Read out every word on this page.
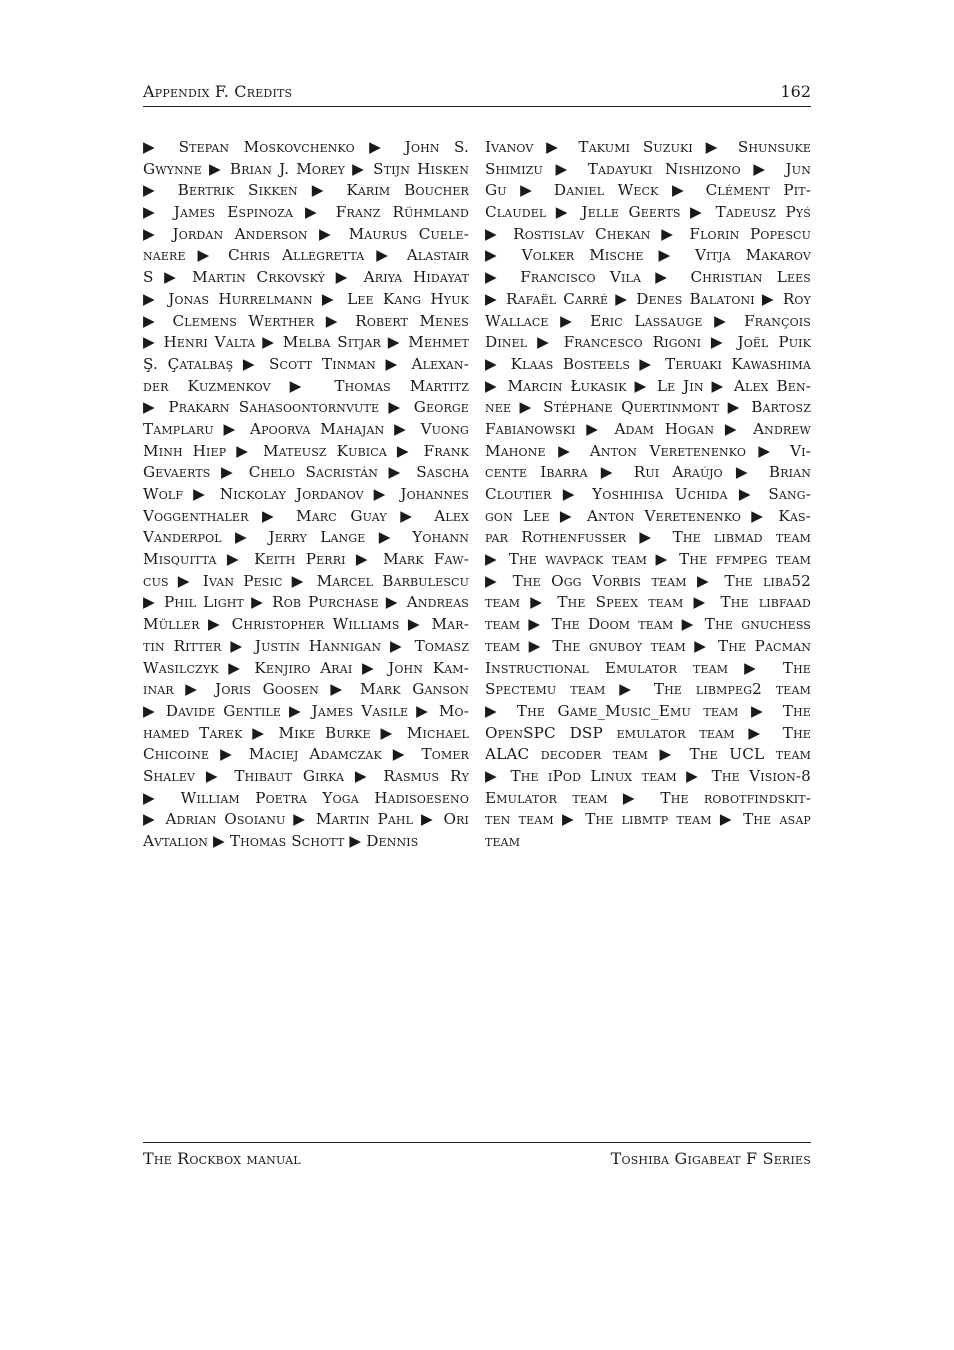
Appendix F. Credits	162
▶ Stepan Moskovchenko ▶ John S.
Gwynne ▶ Brian J. Morey ▶ Stijn Hisken
▶ Bertrik Sikken ▶ Karim Boucher
▶ James Espinoza ▶ Franz Rühmland
▶ Jordan Anderson ▶ Maurus Cuele-
naere ▶ Chris Allegretta ▶ Alastair
S ▶ Martin Crkovský ▶ Ariya Hidayat
▶ Jonas Hurrelmann ▶ Lee Kang Hyuk
▶ Clemens Werther ▶ Robert Menes
▶ Henri Valta ▶ Melba Sitjar ▶ Mehmet
Ş. Çatalbaş ▶ Scott Tinman ▶ Alexan-
der Kuzmenkov ▶ Thomas Martitz
▶ Prakarn Sahasoontornvute ▶ George
Tamplaru ▶ Apoorva Mahajan ▶ Vuong
Minh Hiep ▶ Mateusz Kubica ▶ Frank
Gevaerts ▶ Chelo Sacristán ▶ Sascha
Wolf ▶ Nickolay Jordanov ▶ Johannes
Voggenthaler ▶ Marc Guay ▶ Alex
Vanderpol ▶ Jerry Lange ▶ Yohann
Misquitta ▶ Keith Perri ▶ Mark Faw-
cus ▶ Ivan Pesic ▶ Marcel Barbulescu
▶ Phil Light ▶ Rob Purchase ▶ Andreas
Müller ▶ Christopher Williams ▶ Mar-
tin Ritter ▶ Justin Hannigan ▶ Tomasz
Wasilczyk ▶ Kenjiro Arai ▶ John Kam-
inar ▶ Joris Goosen ▶ Mark Ganson
▶ Davide Gentile ▶ James Vasile ▶ Mo-
hamed Tarek ▶ Mike Burke ▶ Michael
Chicoine ▶ Maciej Adamczak ▶ Tomer
Shalev ▶ Thibaut Girka ▶ Rasmus Ry
▶ William Poetra Yoga Hadisoeseno
▶ Adrian Osoianu ▶ Martin Pahl ▶ Ori
Avtalion ▶ Thomas Schott ▶ Dennis
Ivanov ▶ Takumi Suzuki ▶ Shunsuke
Shimizu ▶ Tadayuki Nishizono ▶ Jun
Gu ▶ Daniel Weck ▶ Clément Pit-
Claudel ▶ Jelle Geerts ▶ Tadeusz Pyś
▶ Rostislav Chekan ▶ Florin Popescu
▶ Volker Mische ▶ Vitja Makarov
▶ Francisco Vila ▶ Christian Lees
▶ Rafaël Carré ▶ Denes Balatoni ▶ Roy
Wallace ▶ Eric Lassauge ▶ François
Dinel ▶ Francesco Rigoni ▶ Joël Puik
▶ Klaas Bosteels ▶ Teruaki Kawashima
▶ Marcin Łukasik ▶ Le Jin ▶ Alex Ben-
nee ▶ Stéphane Quertinmont ▶ Bartosz
Fabianowski ▶ Adam Hogan ▶ Andrew
Mahone ▶ Anton Veretenenko ▶ Vi-
cente Ibarra ▶ Rui Araújo ▶ Brian
Cloutier ▶ Yoshihisa Uchida ▶ Sang-
gon Lee ▶ Anton Veretenenko ▶ Kas-
par Rothenfusser ▶ The libmad team
▶ The wavpack team ▶ The ffmpeg team
▶ The Ogg Vorbis team ▶ The liba52
team ▶ The Speex team ▶ The libfaad
team ▶ The Doom team ▶ The gnuchess
team ▶ The gnuboy team ▶ The Pacman
Instructional Emulator team ▶ The
Spectemu team ▶ The libmpeg2 team
▶ The Game_Music_Emu team ▶ The
OpenSPC DSP emulator team ▶ The
ALAC decoder team ▶ The UCL team
▶ The iPod Linux team ▶ The Vision-8
Emulator team ▶ The robotfindskit-
ten team ▶ The libmtp team ▶ The asap
team
The Rockbox manual	Toshiba Gigabeat F Series
